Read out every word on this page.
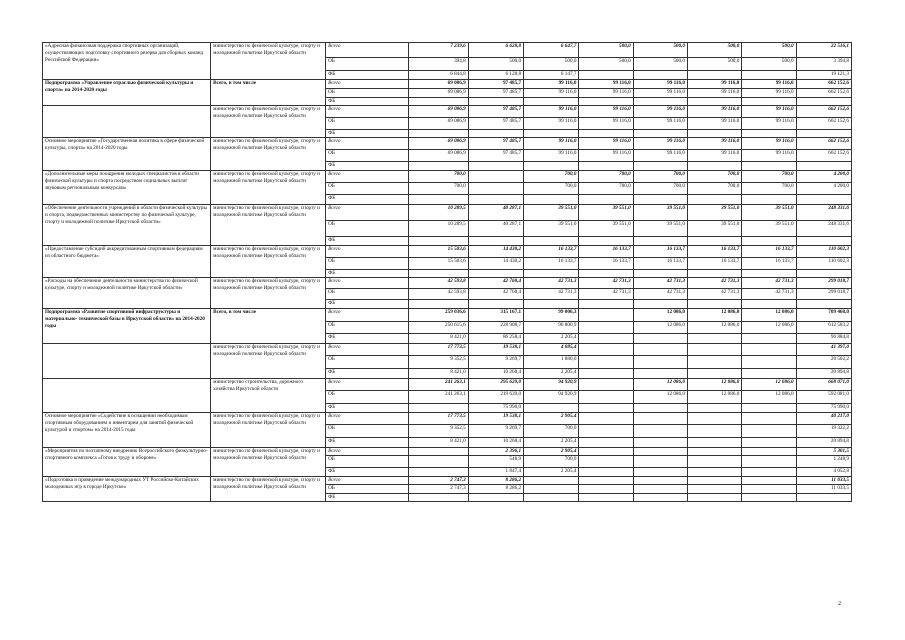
«Адресная финансовая поддержка спортивных организаций, осуществляющих подготовку спортивного резерва для сборных команд Российской Федерации»	министерство по физической культуре, спорту и молодежной политике Иркутской области	Всего	7 239,6	6 628,8	6 647,7	500,0	500,0	500,0	500,0	22 516,1
		ОБ	394,8	500,0	500,0	500,0	500,0	500,0	500,0	3 394,8
		ФБ	6 844,8	6 128,8	6 147,7					19 121,3
Подпрограмма «Управление отраслью физической культуры и спорта» на 2014-2020 годы	Всего, в том числе	Всего	69 086,9	97 485,7	99 116,0	99 116,0	99 116,0	99 116,0	99 116,0	662 152,6
		ОБ	69 086,9	97 485,7	99 116,0	99 116,0	99 116,0	99 116,0	99 116,0	662 152,6
		ФБ								
	министерство по физической культуре, спорту и молодежной политике Иркутской области	Всего	69 086,9	97 485,7	99 116,0	99 116,0	99 116,0	99 116,0	99 116,0	662 152,6
		ОБ	69 086,9	97 485,7	99 116,0	99 116,0	99 116,0	99 116,0	99 116,0	662 152,6
		ФБ								
Основное мероприятие «Государственная политика в сфере физической культуры, спорта» на 2014-2020 годы	министерство по физической культуре, спорту и молодежной политике Иркутской области	Всего	69 086,9	97 485,7	99 116,0	99 116,0	99 116,0	99 116,0	99 116,0	662 152,6
		ОБ	69 086,9	97 485,7	99 116,0	99 116,0	99 116,0	99 116,0	99 116,0	662 152,6
		ФБ								
«Дополнительные меры поощрения молодых специалистов в области физической культуры и спорта посредством социальных выплат звуковым региональным конкурсам»	министерство по физической культуре, спорту и молодежной политике Иркутской области	Всего	700,0		700,0	700,0	700,0	700,0	700,0	4 200,0
		ОБ	700,0		700,0	700,0	700,0	700,0	700,0	4 200,0
		ФБ								
«Обеспечение деятельности учреждений в области физической культуры и спорта, подведомственных министерству по физической культуре, спорту и молодежной политике Иркутской области»	министерство по физической культуре, спорту и молодежной политике Иркутской области	Всего	10 289,5	40 287,1	39 551,0	39 551,0	39 551,0	39 551,0	39 551,0	248 331,6
		ОБ	10 289,5	40 287,1	39 551,0	39 551,0	39 551,0	39 551,0	39 551,0	248 331,6
		ФБ								
«Предоставление субсидий аккредитованным спортивным федерациям из областного бюджета»	министерство по физической культуре, спорту и молодежной политике Иркутской области	Всего	15 503,6	14 430,2	16 133,7	16 133,7	16 133,7	16 133,7	16 133,7	110 602,3
		ОБ	15 503,6	14 430,2	16 133,7	16 133,7	16 133,7	16 133,7	16 133,7	110 602,3
		ФБ								
«Расходы на обеспечение деятельности министерства по физической культуре, спорту и молодежной политике Иркутской области»	министерство по физической культуре, спорту и молодежной политике Иркутской области	Всего	42 593,8	42 768,4	42 731,3	42 731,3	42 731,3	42 731,3	42 731,3	299 018,7
		ОБ	42 593,8	42 768,4	42 731,3	42 731,3	42 731,3	42 731,3	42 731,3	299 018,7
		ФБ								
Подпрограмма «Развитие спортивной инфраструктуры и материально- технической базы в Иркутской области» на 2014-2020 годы	Всего, в том числе	Всего	259 036,6	315 167,1	99 006,3		12 086,0	12 086,0	12 086,0	709 468,0
		ОБ	250 615,6	228 908,7	96 800,9		12 086,0	12 086,0	12 086,0	612 583,2
		ФБ	8 421,0	86 258,4	2 205,4					96 884,8
	министерство по физической культуре, спорту и молодежной политике Иркутской области	Всего	17 773,5	19 538,1	4 085,4					41 397,0
		ОБ	9 352,5	9 269,7	1 880,0					20 502,2
		ФБ	8 421,0	10 268,4	2 205,4					20 894,8
	министерство строительства, дорожного хозяйства Иркутской области	Всего	241 263,1	295 629,0	94 920,9		12 086,0	12 086,0	12 086,0	668 071,0
		ОБ	241 263,1	219 639,0	94 920,9		12 086,0	12 086,0	12 086,0	592 081,0
		ФБ		75 990,0						75 990,0
Основное мероприятие «Содействие в оснащении необходимым спортивным оборудованием и инвентарем для занятий физической культурой и спортом» на 2014-2015 годы	министерство по физической культуре, спорту и молодежной политике Иркутской области	Всего	17 773,5	19 538,1	2 905,4					40 217,0
		ОБ	9 352,5	9 269,7	700,0					19 322,2
		ФБ	8 421,0	10 268,4	2 205,4					20 894,8
«Мероприятия по поэтапному внедрению Всероссийского физкультурно-спортивного комплекса «Готов к труду и обороне»	министерство по физической культуре, спорту и молодежной политике Иркутской области	Всего		2 396,1	2 905,4					5 301,5
		ОБ		548,9	700,0					1 248,9
		ФБ		1 847,4	2 205,4					4 052,8
«Подготовка и проведение международных УТ Российско-Китайских молодежных игр в городе Иркутске»	министерство по физической культуре, спорту и молодежной политике Иркутской области	Всего	2 747,3	8 286,2						11 033,5
		ОБ	2 747,3	8 286,2						11 033,5
		ФБ								
2
